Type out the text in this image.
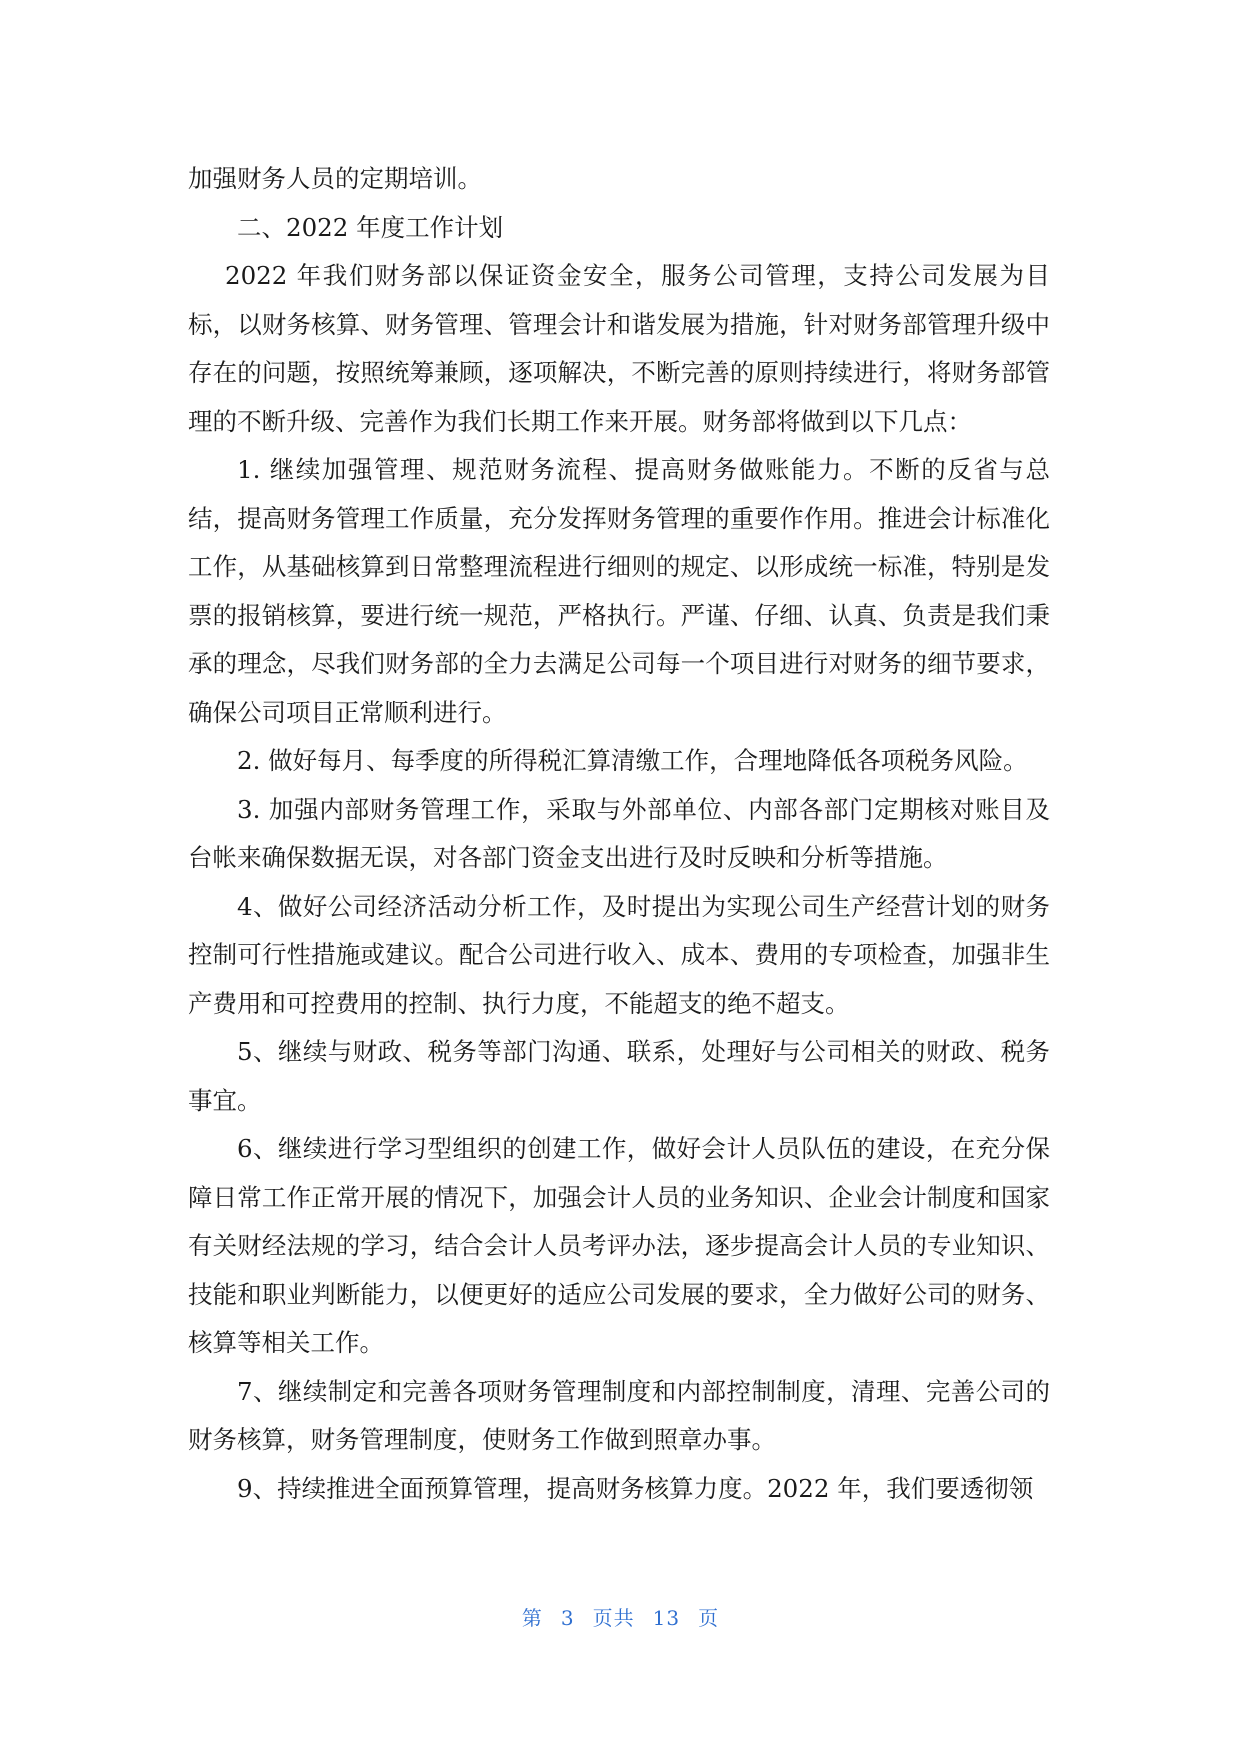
加强财务人员的定期培训。

二、2022 年度工作计划

2022 年我们财务部以保证资金安全，服务公司管理，支持公司发展为目标，以财务核算、财务管理、管理会计和谐发展为措施，针对财务部管理升级中存在的问题，按照统筹兼顾，逐项解决，不断完善的原则持续进行，将财务部管理的不断升级、完善作为我们长期工作来开展。财务部将做到以下几点：

1. 继续加强管理、规范财务流程、提高财务做账能力。不断的反省与总结，提高财务管理工作质量，充分发挥财务管理的重要作作用。推进会计标准化工作，从基础核算到日常整理流程进行细则的规定、以形成统一标准，特别是发票的报销核算，要进行统一规范，严格执行。严谨、仔细、认真、负责是我们秉承的理念，尽我们财务部的全力去满足公司每一个项目进行对财务的细节要求，确保公司项目正常顺利进行。

2. 做好每月、每季度的所得税汇算清缴工作，合理地降低各项税务风险。

3. 加强内部财务管理工作，采取与外部单位、内部各部门定期核对账目及台帐来确保数据无误，对各部门资金支出进行及时反映和分析等措施。

4、做好公司经济活动分析工作，及时提出为实现公司生产经营计划的财务控制可行性措施或建议。配合公司进行收入、成本、费用的专项检查，加强非生产费用和可控费用的控制、执行力度，不能超支的绝不超支。

5、继续与财政、税务等部门沟通、联系，处理好与公司相关的财政、税务事宜。

6、继续进行学习型组织的创建工作，做好会计人员队伍的建设，在充分保障日常工作正常开展的情况下，加强会计人员的业务知识、企业会计制度和国家有关财经法规的学习，结合会计人员考评办法，逐步提高会计人员的专业知识、技能和职业判断能力，以便更好的适应公司发展的要求，全力做好公司的财务、核算等相关工作。

7、继续制定和完善各项财务管理制度和内部控制制度，清理、完善公司的财务核算，财务管理制度，使财务工作做到照章办事。

9、持续推进全面预算管理，提高财务核算力度。2022 年，我们要透彻领

第 3 页共 13 页
